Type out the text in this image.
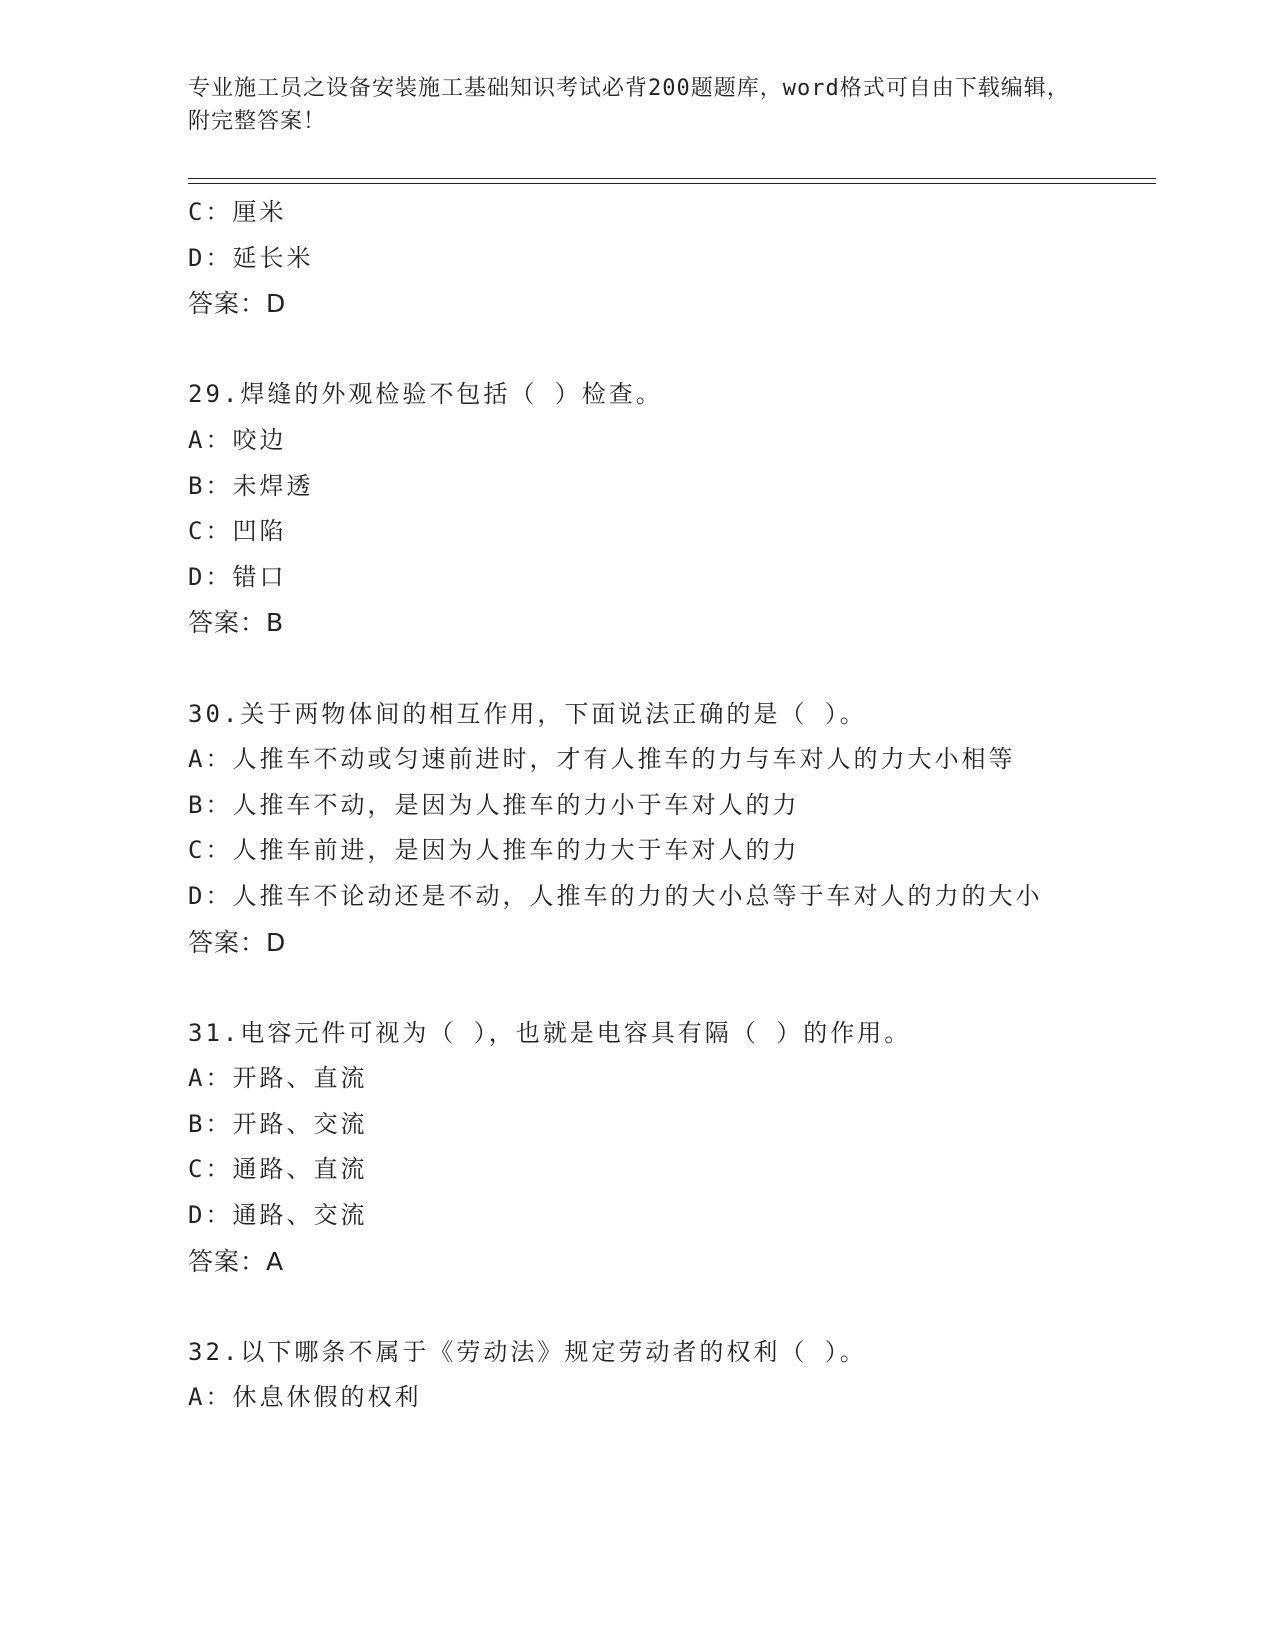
专业施工员之设备安装施工基础知识考试必背200题题库，word格式可自由下载编辑，附完整答案！
C：厘米
D：延长米
答案：D
29.焊缝的外观检验不包括（ ）检查。
A：咬边
B：未焊透
C：凹陷
D：错口
答案：B
30.关于两物体间的相互作用，下面说法正确的是（ ）。
A：人推车不动或匀速前进时，才有人推车的力与车对人的力大小相等
B：人推车不动，是因为人推车的力小于车对人的力
C：人推车前进，是因为人推车的力大于车对人的力
D：人推车不论动还是不动，人推车的力的大小总等于车对人的力的大小
答案：D
31.电容元件可视为（ ），也就是电容具有隔（ ）的作用。
A：开路、直流
B：开路、交流
C：通路、直流
D：通路、交流
答案：A
32.以下哪条不属于《劳动法》规定劳动者的权利（ ）。
A：休息休假的权利
